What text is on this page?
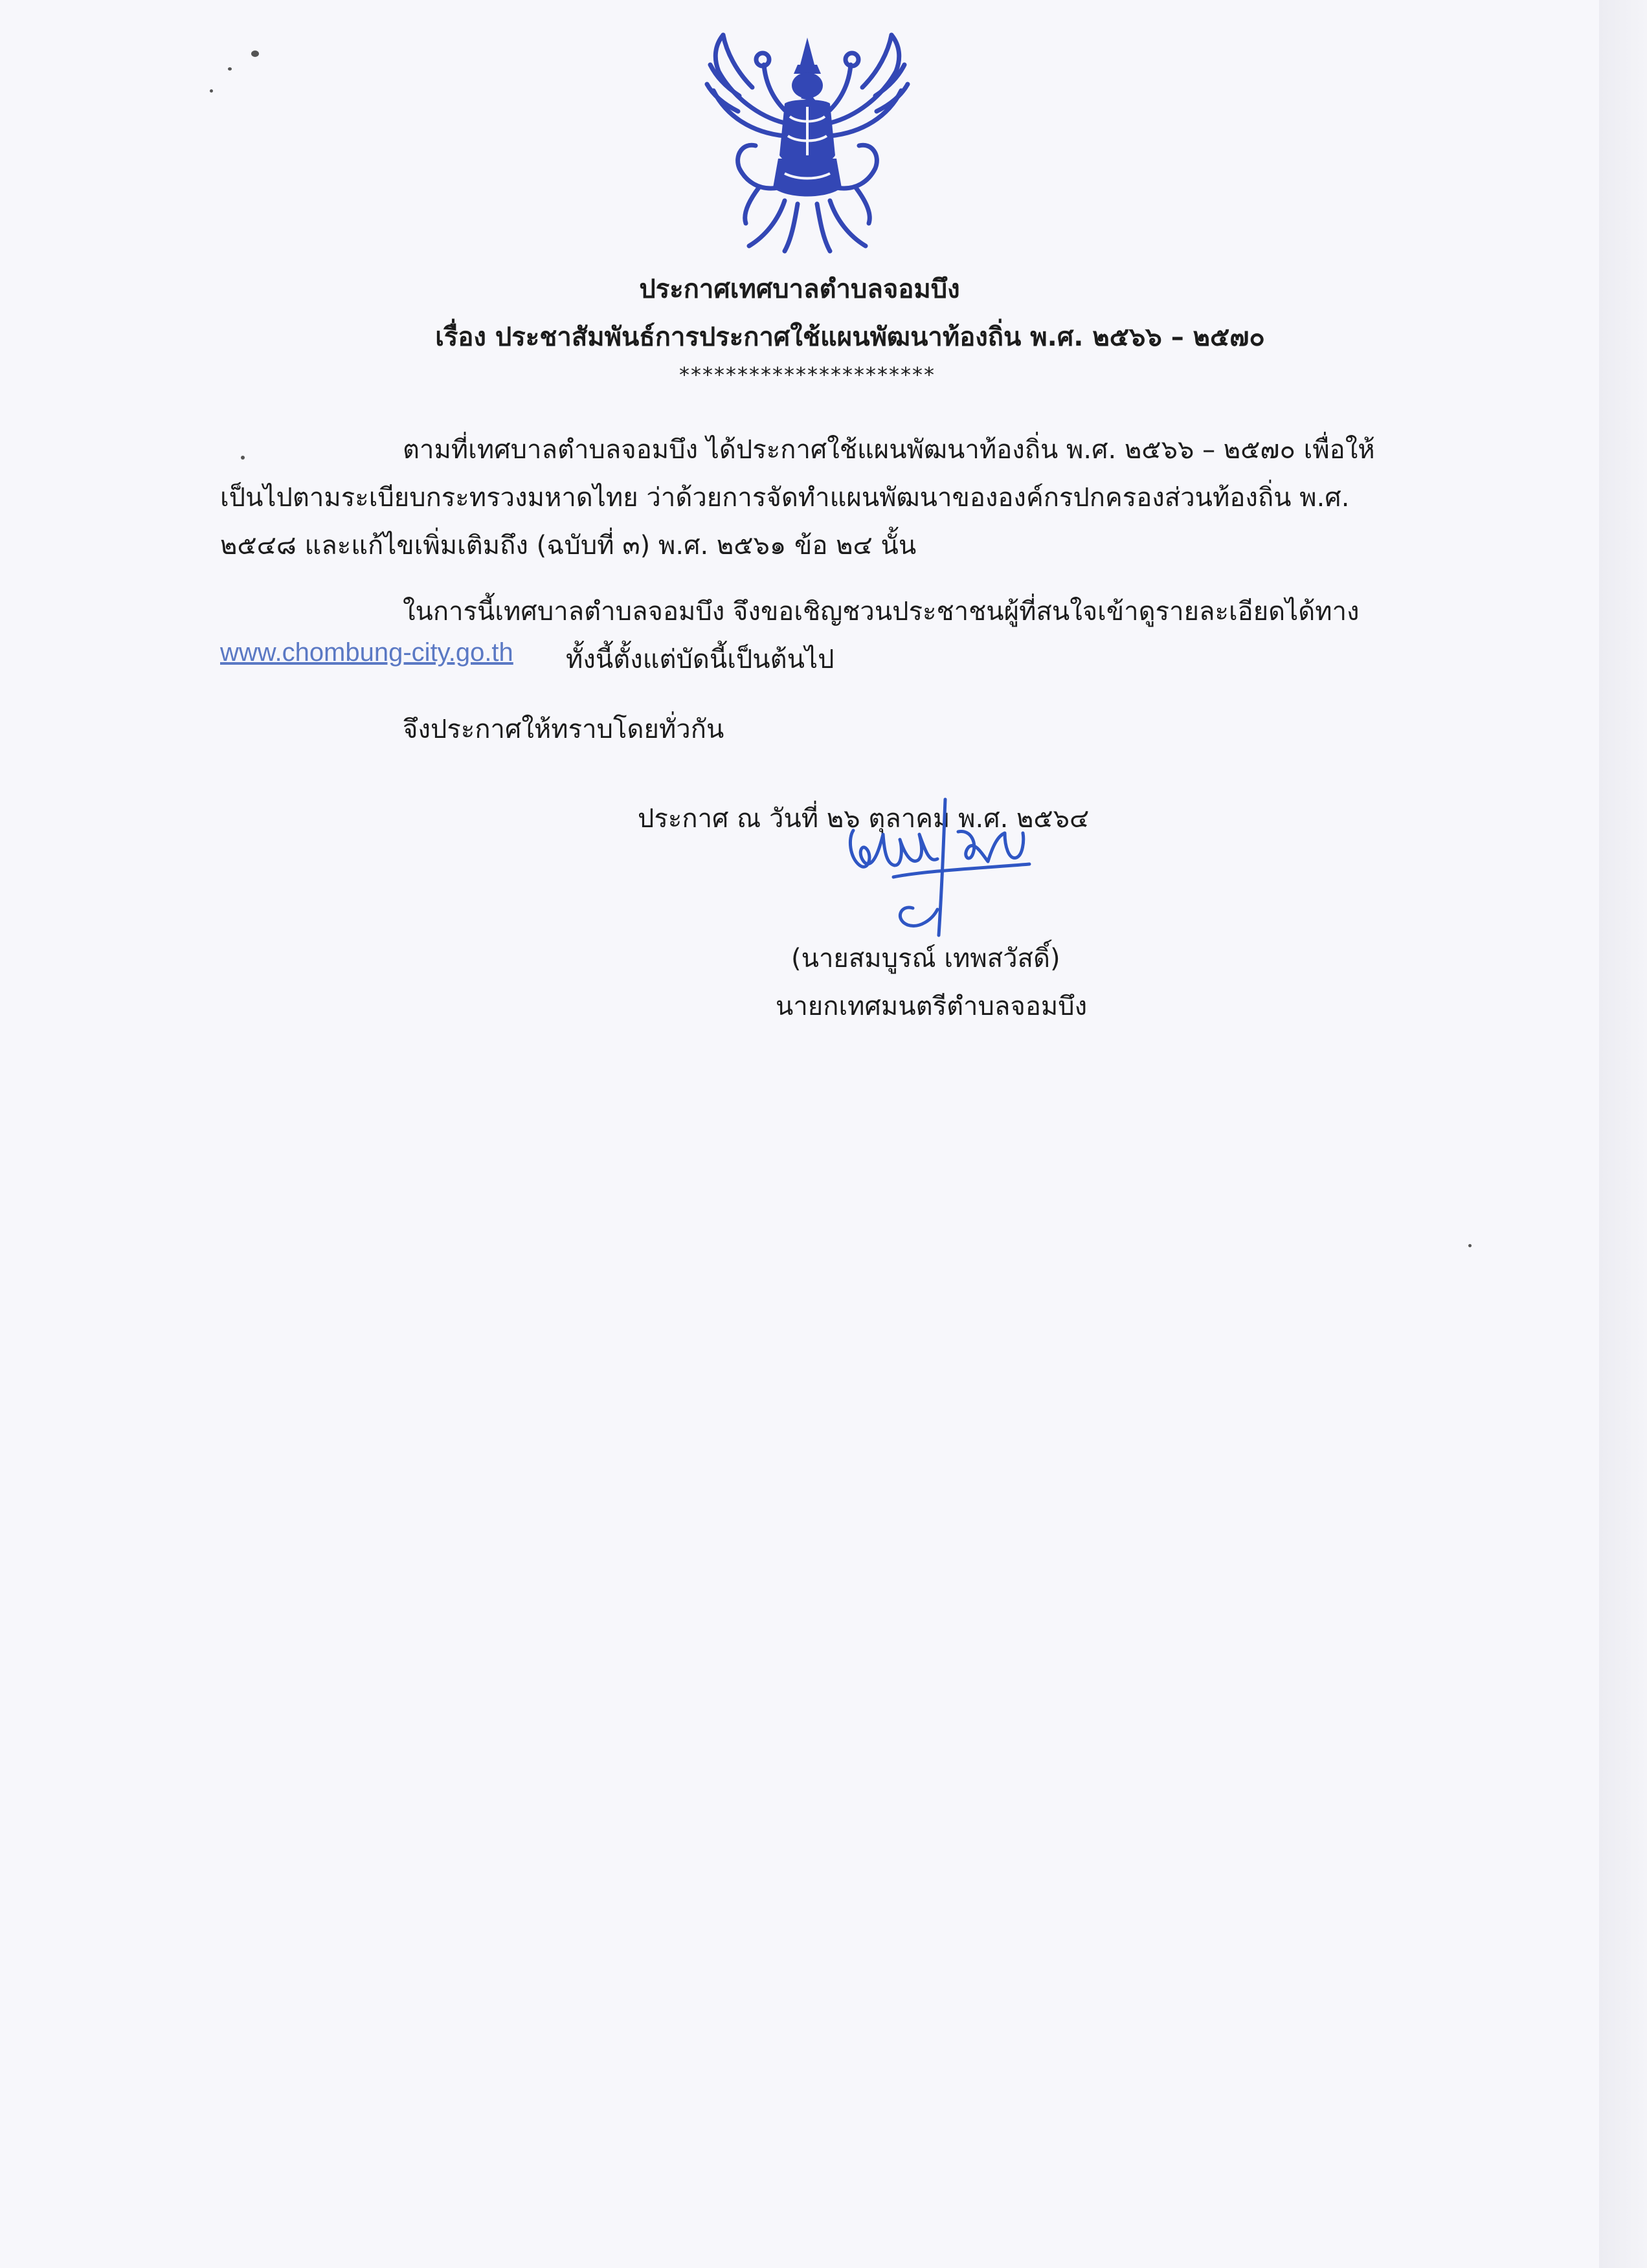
ประกาศเทศบาลตำบลจอมบึง
เรื่อง ประชาสัมพันธ์การประกาศใช้แผนพัฒนาท้องถิ่น พ.ศ. ๒๕๖๖ – ๒๕๗๐
**********************
ตามที่เทศบาลตำบลจอมบึง ได้ประกาศใช้แผนพัฒนาท้องถิ่น พ.ศ. ๒๕๖๖ – ๒๕๗๐ เพื่อให้
เป็นไปตามระเบียบกระทรวงมหาดไทย ว่าด้วยการจัดทำแผนพัฒนาขององค์กรปกครองส่วนท้องถิ่น พ.ศ.
๒๕๔๘ และแก้ไขเพิ่มเติมถึง (ฉบับที่ ๓) พ.ศ. ๒๕๖๑ ข้อ ๒๔ นั้น
ในการนี้เทศบาลตำบลจอมบึง จึงขอเชิญชวนประชาชนผู้ที่สนใจเข้าดูรายละเอียดได้ทาง
www.chombung-city.go.th ทั้งนี้ตั้งแต่บัดนี้เป็นต้นไป
จึงประกาศให้ทราบโดยทั่วกัน
ประกาศ ณ วันที่ ๒๖ ตุลาคม พ.ศ. ๒๕๖๔
(นายสมบูรณ์ เทพสวัสดิ์)
นายกเทศมนตรีตำบลจอมบึง
